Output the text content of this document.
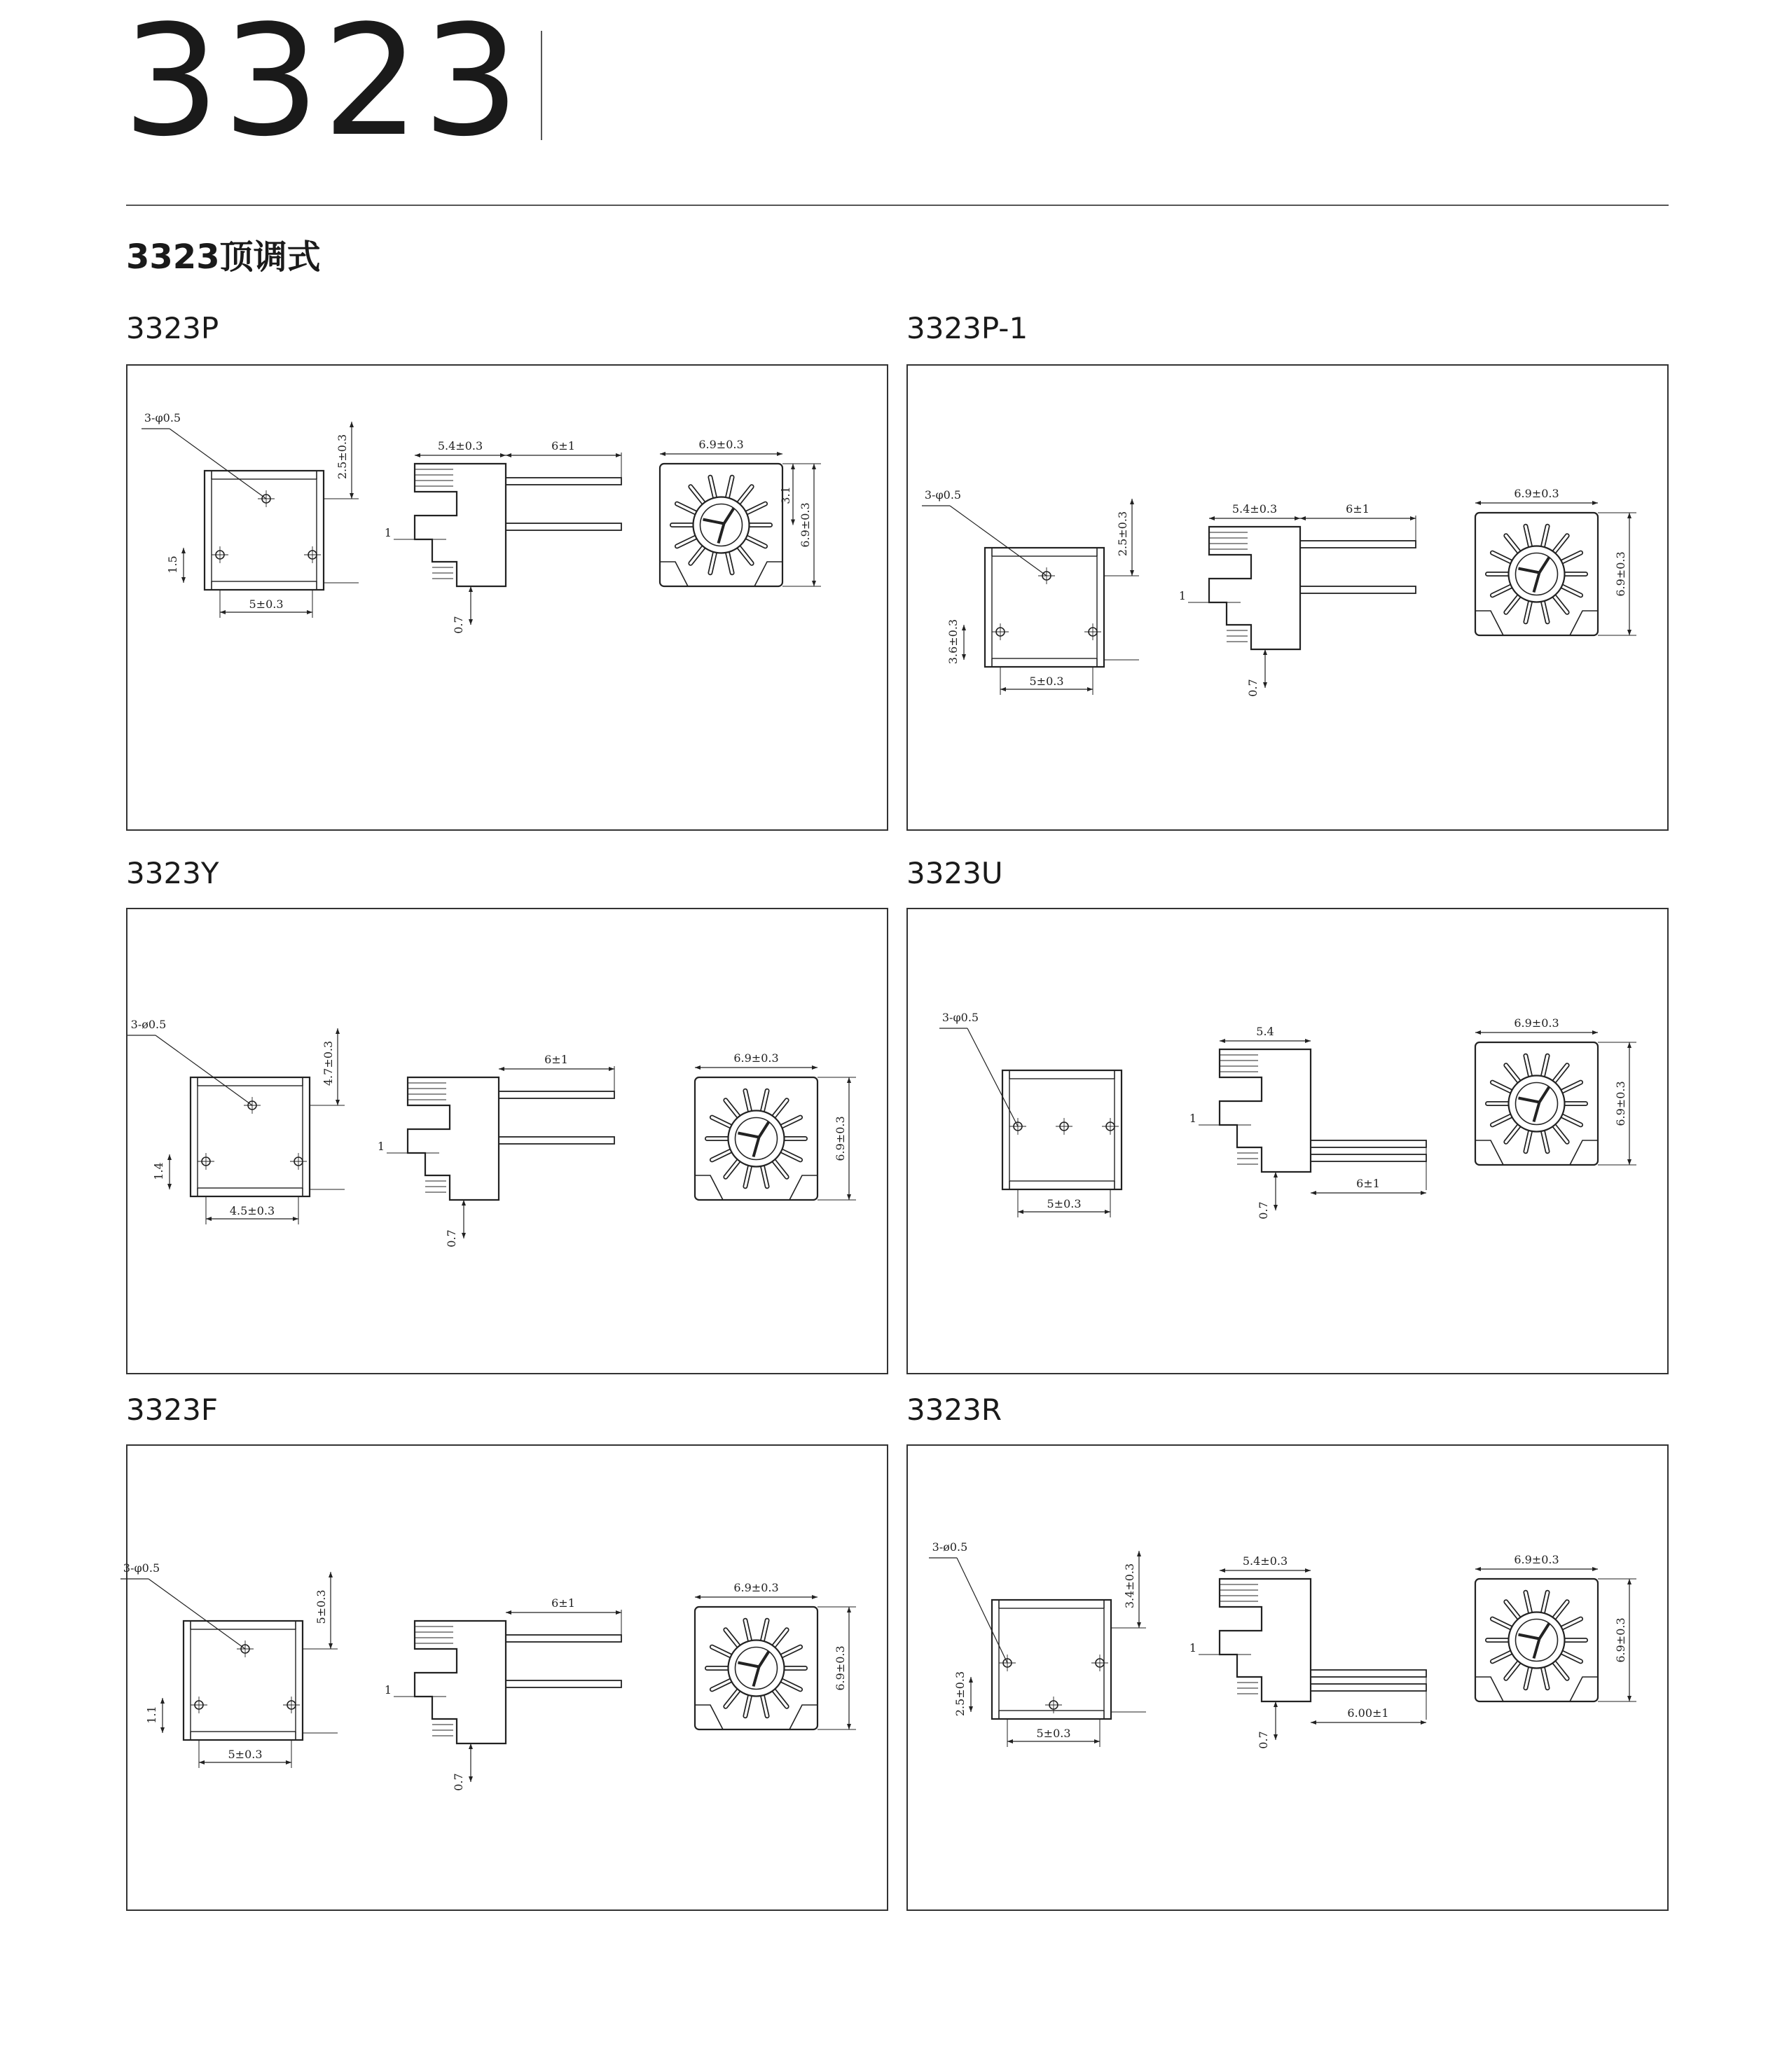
3323
3323顶调式
3323P
3-φ0.5
5±0.3
2.5±0.3
1.5
5.4±0.3	6±1
1
0.7
6.9±0.3
6.9±0.3
3.1
3323P-1
3-φ0.5
5±0.3
2.5±0.3
3.6±0.3
5.4±0.3	6±1
1
0.7
6.9±0.3
6.9±0.3
3323Y
3-ø0.5
4.5±0.3
4.7±0.3
1.4
6±1
1
0.7
6.9±0.3
6.9±0.3
3323U
3-φ0.5
5±0.3
5.4
6±1
1
0.7
6.9±0.3
6.9±0.3
3323F
3-φ0.5
5±0.3
5±0.3
1.1
6±1
1
0.7
6.9±0.3
6.9±0.3
3323R
3-ø0.5
5±0.3
3.4±0.3
2.5±0.3
5.4±0.3
6.00±1
1
0.7
6.9±0.3
6.9±0.3
